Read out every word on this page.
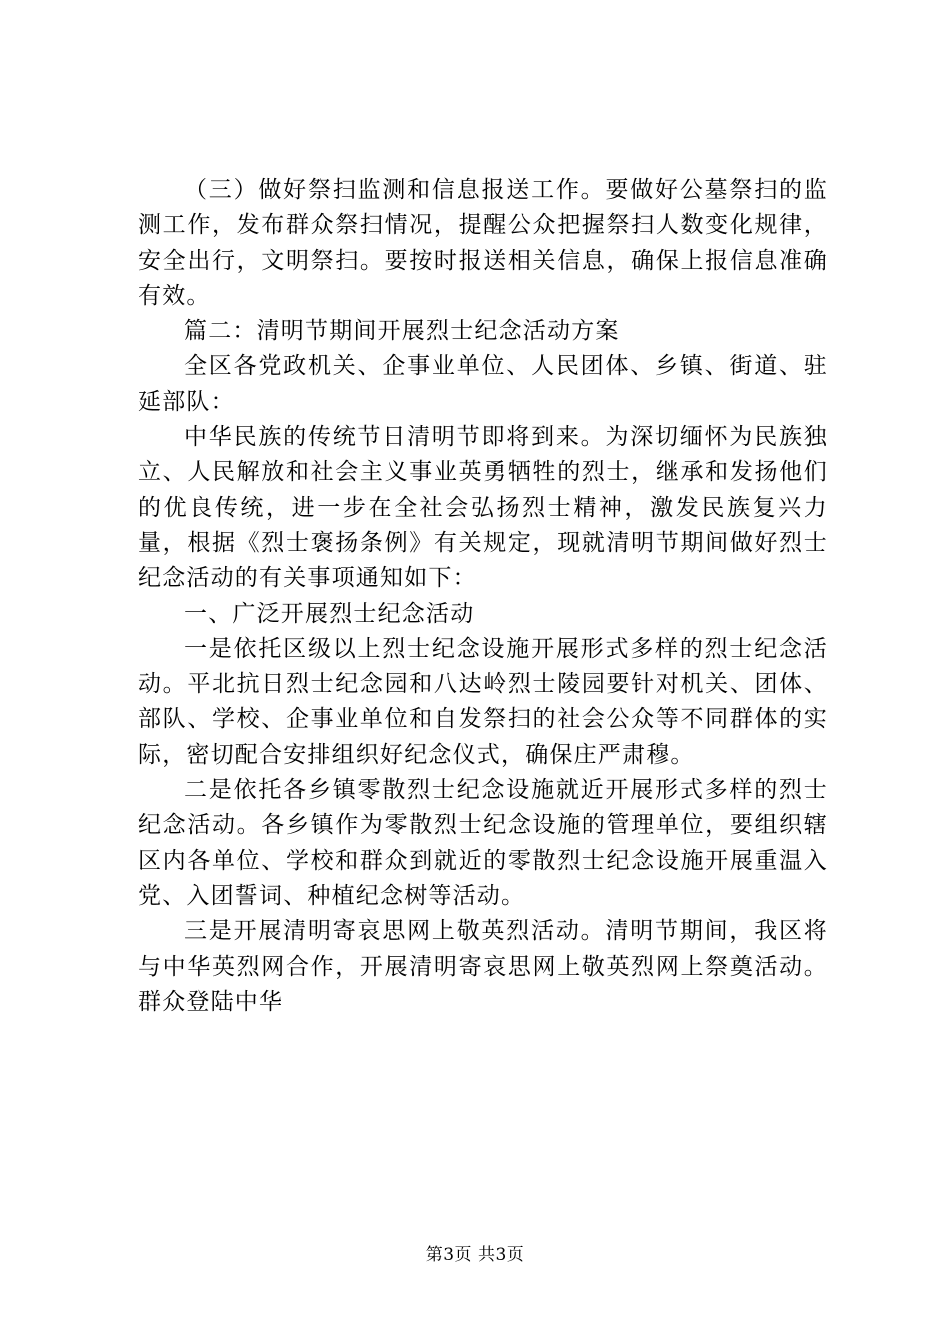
（三）做好祭扫监测和信息报送工作。要做好公墓祭扫的监测工作，发布群众祭扫情况，提醒公众把握祭扫人数变化规律，安全出行，文明祭扫。要按时报送相关信息，确保上报信息准确有效。

篇二：清明节期间开展烈士纪念活动方案

全区各党政机关、企事业单位、人民团体、乡镇、街道、驻延部队：

中华民族的传统节日清明节即将到来。为深切缅怀为民族独立、人民解放和社会主义事业英勇牺牲的烈士，继承和发扬他们的优良传统，进一步在全社会弘扬烈士精神，激发民族复兴力量，根据《烈士褒扬条例》有关规定，现就清明节期间做好烈士纪念活动的有关事项通知如下：

一、广泛开展烈士纪念活动

一是依托区级以上烈士纪念设施开展形式多样的烈士纪念活动。平北抗日烈士纪念园和八达岭烈士陵园要针对机关、团体、部队、学校、企事业单位和自发祭扫的社会公众等不同群体的实际，密切配合安排组织好纪念仪式，确保庄严肃穆。

二是依托各乡镇零散烈士纪念设施就近开展形式多样的烈士纪念活动。各乡镇作为零散烈士纪念设施的管理单位，要组织辖区内各单位、学校和群众到就近的零散烈士纪念设施开展重温入党、入团誓词、种植纪念树等活动。

三是开展清明寄哀思网上敬英烈活动。清明节期间，我区将与中华英烈网合作，开展清明寄哀思网上敬英烈网上祭奠活动。群众登陆中华

第3页 共3页
